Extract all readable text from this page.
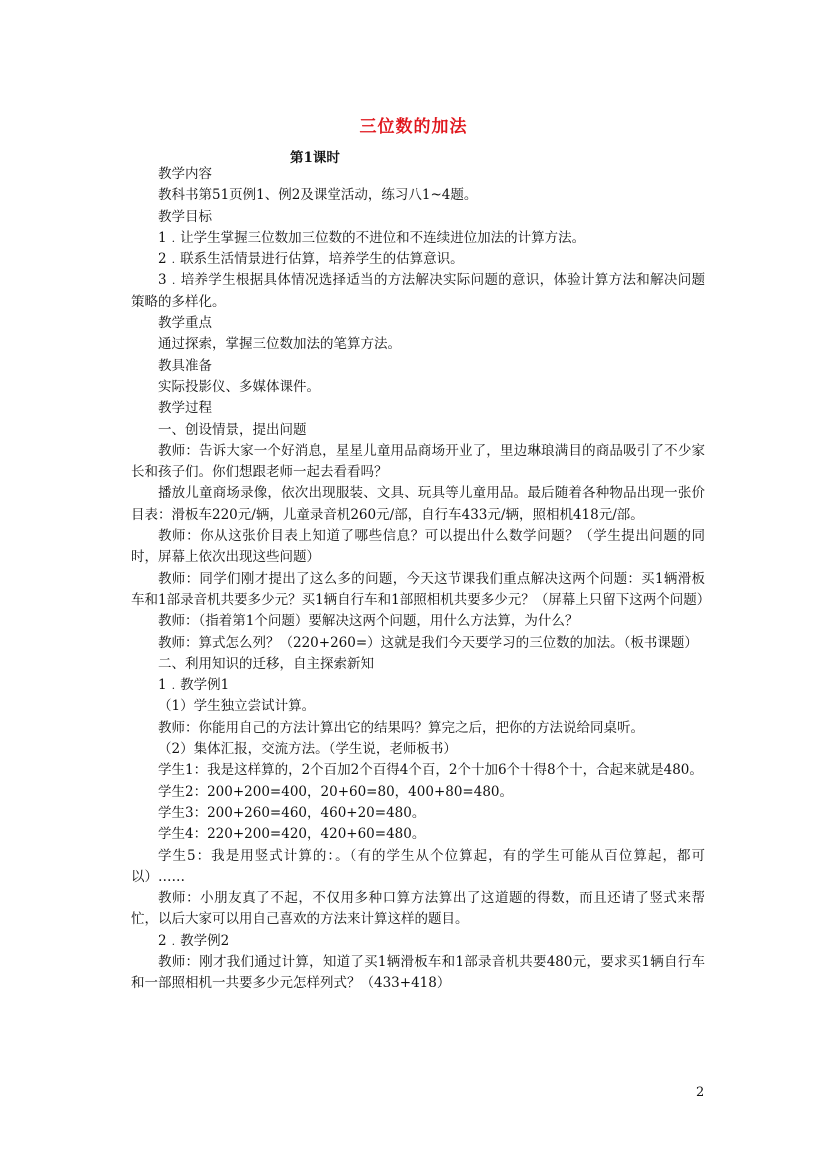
三位数的加法
第1课时

教学内容

教科书第51页例1、例2及课堂活动，练习八1~4题。

教学目标

1﹒让学生掌握三位数加三位数的不进位和不连续进位加法的计算方法。

2﹒联系生活情景进行估算，培养学生的估算意识。

3﹒培养学生根据具体情况选择适当的方法解决实际问题的意识，体验计算方法和解决问题策略的多样化。

教学重点

通过探索，掌握三位数加法的笔算方法。

教具准备

实际投影仪、多媒体课件。

教学过程

一、创设情景，提出问题

教师：告诉大家一个好消息，星星儿童用品商场开业了，里边琳琅满目的商品吸引了不少家长和孩子们。你们想跟老师一起去看看吗？

播放儿童商场录像，依次出现服装、文具、玩具等儿童用品。最后随着各种物品出现一张价目表：滑板车220元/辆，儿童录音机260元/部，自行车433元/辆，照相机418元/部。

教师：你从这张价目表上知道了哪些信息？可以提出什么数学问题？（学生提出问题的同时，屏幕上依次出现这些问题）

教师：同学们刚才提出了这么多的问题，今天这节课我们重点解决这两个问题：买1辆滑板车和1部录音机共要多少元？买1辆自行车和1部照相机共要多少元？（屏幕上只留下这两个问题）

教师：（指着第1个问题）要解决这两个问题，用什么方法算，为什么？

教师：算式怎么列？（220+260=）这就是我们今天要学习的三位数的加法。（板书课题）

二、利用知识的迁移，自主探索新知

1﹒教学例1

（1）学生独立尝试计算。

教师：你能用自己的方法计算出它的结果吗？算完之后，把你的方法说给同桌听。

（2）集体汇报，交流方法。（学生说，老师板书）

学生1：我是这样算的，2个百加2个百得4个百，2个十加6个十得8个十，合起来就是480。

学生2：200+200=400，20+60=80，400+80=480。

学生3：200+260=460，460+20=480。

学生4：220+200=420，420+60=480。

学生5：我是用竖式计算的：。（有的学生从个位算起，有的学生可能从百位算起，都可以）……

教师：小朋友真了不起，不仅用多种口算方法算出了这道题的得数，而且还请了竖式来帮忙，以后大家可以用自己喜欢的方法来计算这样的题目。

2﹒教学例2

教师：刚才我们通过计算，知道了买1辆滑板车和1部录音机共要480元，要求买1辆自行车和一部照相机一共要多少元怎样列式？（433+418）

2
